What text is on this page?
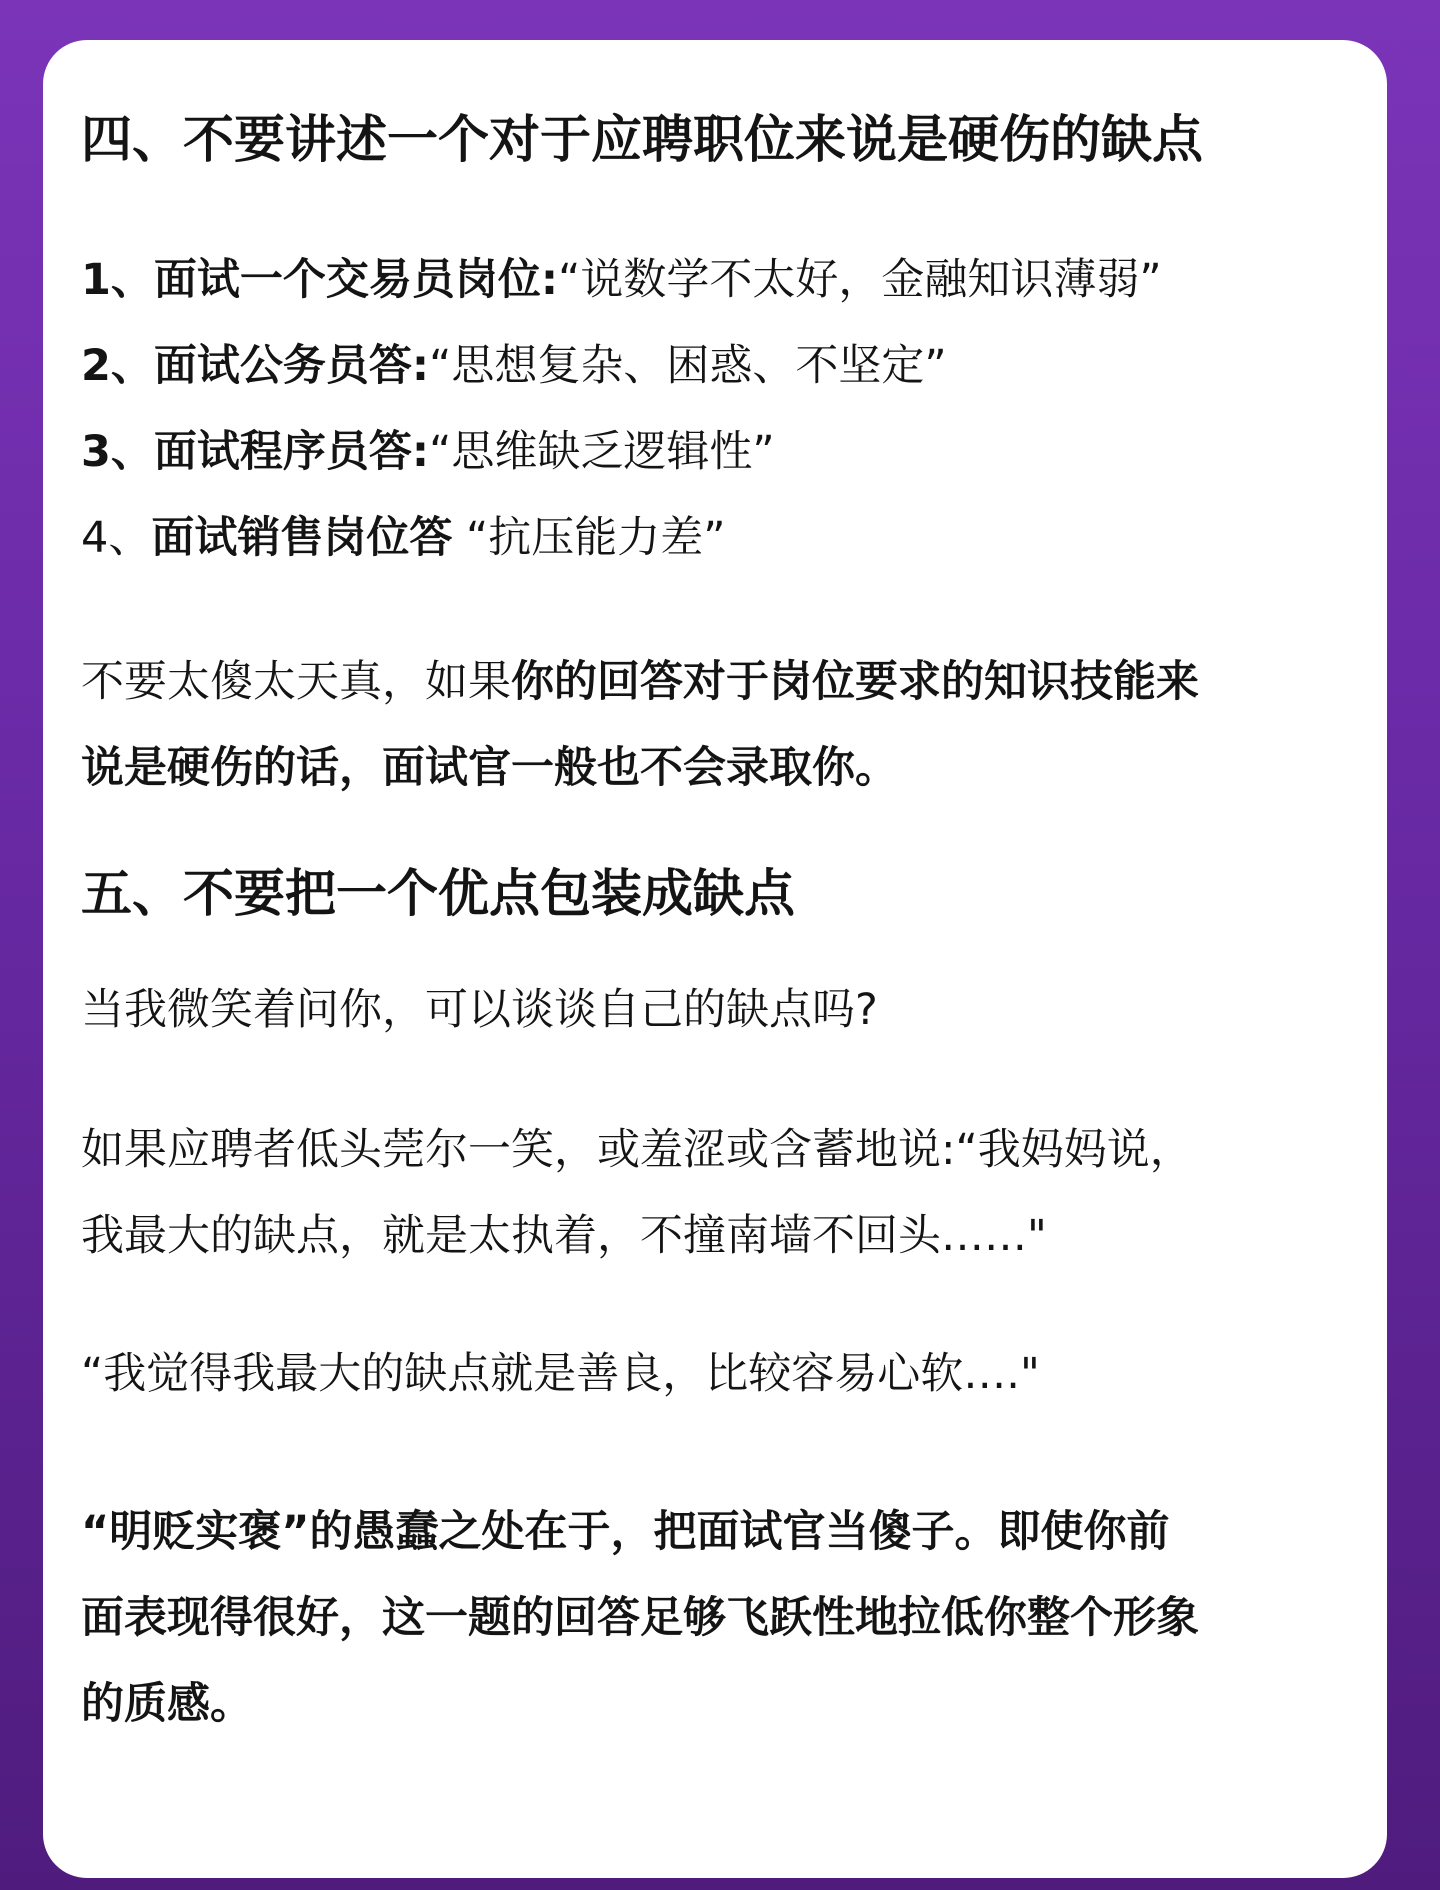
四、不要讲述一个对于应聘职位来说是硬伤的缺点

1、面试一个交易员岗位:“说数学不太好，金融知识薄弱”

2、面试公务员答:“思想复杂、困惑、不坚定”

3、面试程序员答:“思维缺乏逻辑性”

4、面试销售岗位答 “抗压能力差”

不要太傻太天真，如果你的回答对于岗位要求的知识技能来

说是硬伤的话，面试官一般也不会录取你。

五、不要把一个优点包装成缺点

当我微笑着问你，可以谈谈自己的缺点吗?

如果应聘者低头莞尔一笑，或羞涩或含蓄地说:“我妈妈说，

我最大的缺点，就是太执着，不撞南墙不回头……"

“我觉得我最大的缺点就是善良，比较容易心软…."

“明贬实褒”的愚蠢之处在于，把面试官当傻子。即使你前

面表现得很好，这一题的回答足够飞跃性地拉低你整个形象

的质感。
